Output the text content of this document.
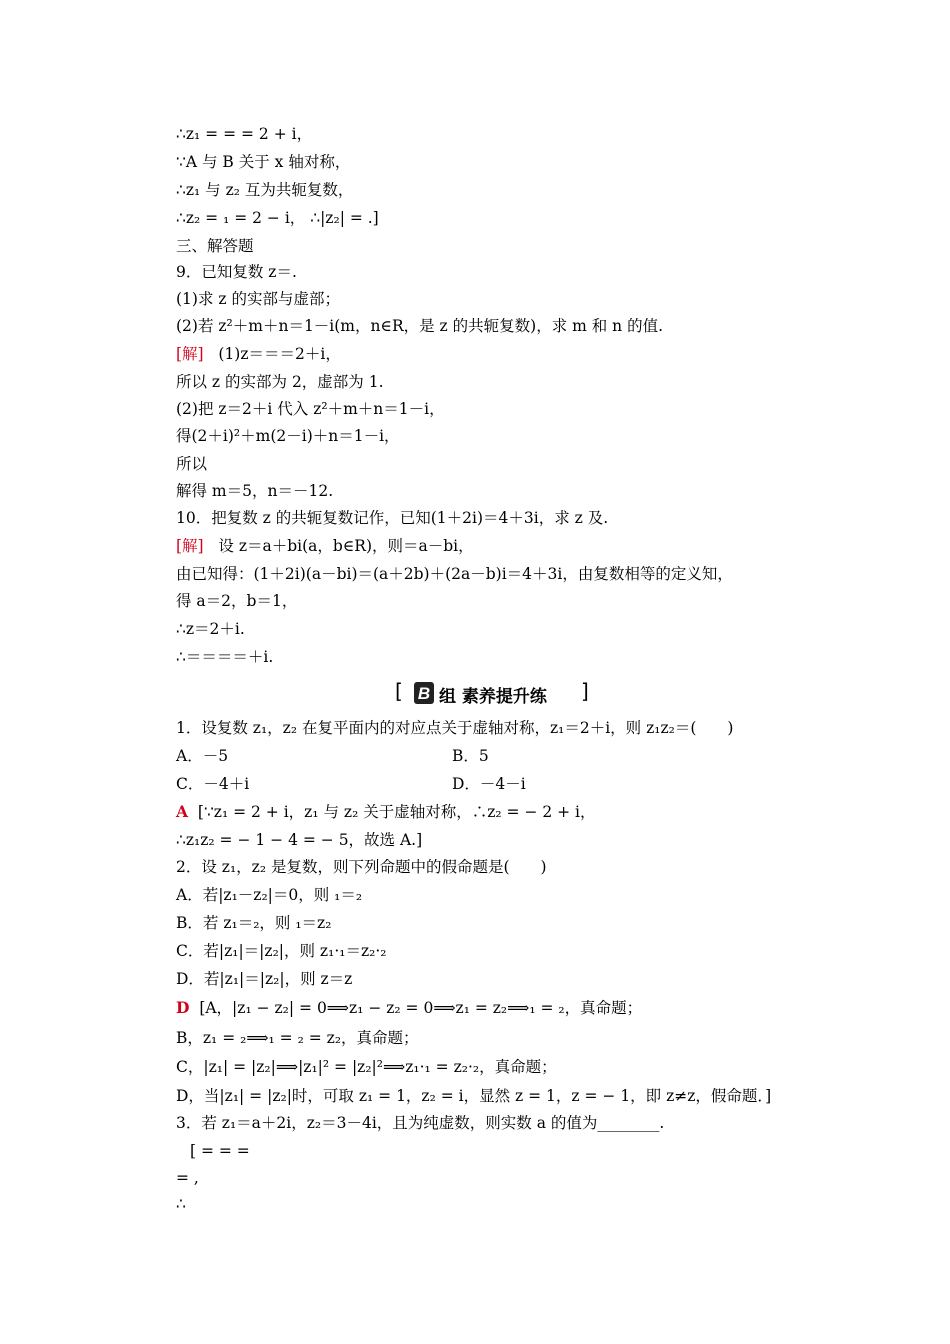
∴z₁ = = = 2 + i，
∵A 与 B 关于 x 轴对称，
∴z₁ 与 z₂ 互为共轭复数，
∴z₂ = ₁ = 2 − i， ∴|z₂| = .]
三、解答题
9．已知复数 z＝.
(1)求 z 的实部与虚部；
(2)若 z²＋m＋n＝1－i(m，n∈R，是 z 的共轭复数)，求 m 和 n 的值.
[解] (1)z＝＝＝2＋i，
所以 z 的实部为 2，虚部为 1.
(2)把 z＝2＋i 代入 z²＋m＋n＝1－i，
得(2＋i)²＋m(2－i)＋n＝1－i，
所以
解得 m＝5，n＝－12.
10．把复数 z 的共轭复数记作，已知(1＋2i)＝4＋3i，求 z 及.
[解] 设 z＝a＋bi(a，b∈R)，则＝a－bi，
由已知得：(1＋2i)(a－bi)＝(a＋2b)＋(2a－b)i＝4＋3i，由复数相等的定义知，
得 a＝2，b＝1，
∴z＝2＋i.
∴＝＝＝＝＋i.
[ B 组 素养提升练 ]
1．设复数 z₁，z₂ 在复平面内的对应点关于虚轴对称，z₁＝2＋i，则 z₁z₂＝(　　)
A．－5	B．5
C．－4＋i	D．－4－i
A [∵z₁ = 2 + i，z₁ 与 z₂ 关于虚轴对称，∴z₂ = − 2 + i，
∴z₁z₂ = − 1 − 4 = − 5，故选 A.]
2．设 z₁，z₂ 是复数，则下列命题中的假命题是(　　)
A．若|z₁－z₂|＝0，则 ₁＝₂
B．若 z₁＝₂，则 ₁＝z₂
C．若|z₁|＝|z₂|，则 z₁·₁＝z₂·₂
D．若|z₁|＝|z₂|，则 z＝z
D [A，|z₁ − z₂| = 0⟹z₁ − z₂ = 0⟹z₁ = z₂⟹₁ = ₂，真命题；
B，z₁ = ₂⟹₁ = ₂ = z₂，真命题；
C，|z₁| = |z₂|⟹|z₁|² = |z₂|²⟹z₁·₁ = z₂·₂，真命题；
D，当|z₁| = |z₂|时，可取 z₁ = 1，z₂ = i，显然 z = 1，z = − 1，即 z≠z，假命题．]
3．若 z₁＝a＋2i，z₂＝3－4i，且为纯虚数，则实数 a 的值为________.
[ = = =
= ,
∴
